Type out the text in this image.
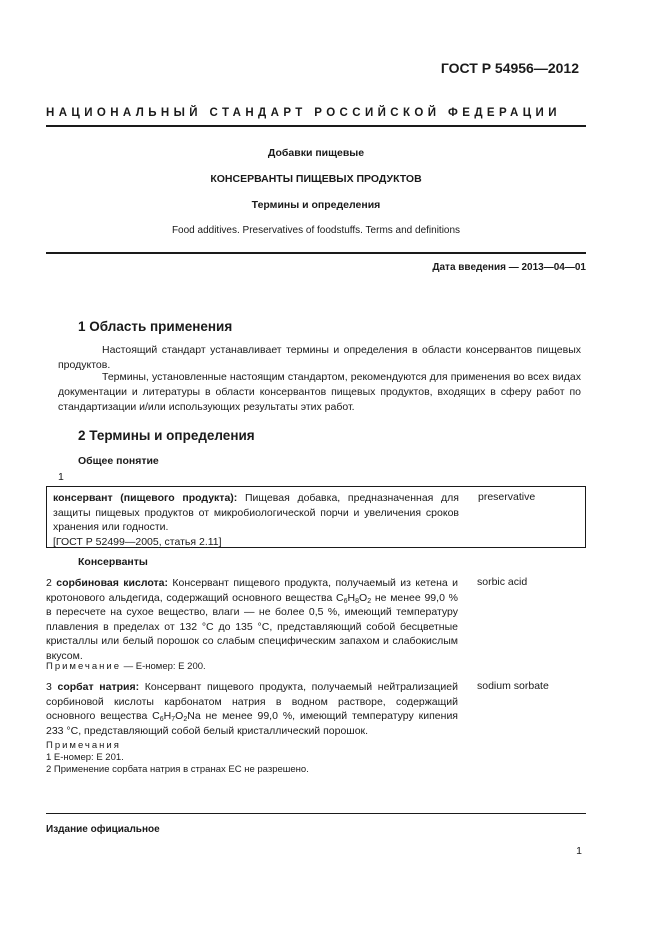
ГОСТ Р 54956—2012
НАЦИОНАЛЬНЫЙ СТАНДАРТ РОССИЙСКОЙ ФЕДЕРАЦИИ
Добавки пищевые
КОНСЕРВАНТЫ ПИЩЕВЫХ ПРОДУКТОВ
Термины и определения
Food additives. Preservatives of foodstuffs. Terms and definitions
Дата введения — 2013—04—01
1 Область применения
Настоящий стандарт устанавливает термины и определения в области консервантов пищевых продуктов.
Термины, установленные настоящим стандартом, рекомендуются для применения во всех видах документации и литературы в области консервантов пищевых продуктов, входящих в сферу работ по стандартизации и/или использующих результаты этих работ.
2 Термины и определения
Общее понятие
1
консервант (пищевого продукта): Пищевая добавка, предназначенная для защиты пищевых продуктов от микробиологической порчи и увеличения сроков хранения или годности.
[ГОСТ Р 52499—2005, статья 2.11]
preservative
Консерванты
2 сорбиновая кислота: Консервант пищевого продукта, получаемый из кетена и кротонового альдегида, содержащий основного вещества $C_6H_8O_2$ не менее 99,0 % в пересчете на сухое вещество, влаги — не более 0,5 %, имеющий температуру плавления в пределах от 132 °С до 135 °С, представляющий собой бесцветные кристаллы или белый порошок со слабым специфическим запахом и слабокислым вкусом.
sorbic acid
Примечание — Е-номер: Е 200.
3 сорбат натрия: Консервант пищевого продукта, получаемый нейтрализацией сорбиновой кислоты карбонатом натрия в водном растворе, содержащий основного вещества $C_6H_7O_2Na$ не менее 99,0 %, имеющий температуру кипения 233 °С, представляющий собой белый кристаллический порошок.
sodium sorbate
Примечания
1 Е-номер: Е 201.
2 Применение сорбата натрия в странах ЕС не разрешено.
Издание официальное
1
